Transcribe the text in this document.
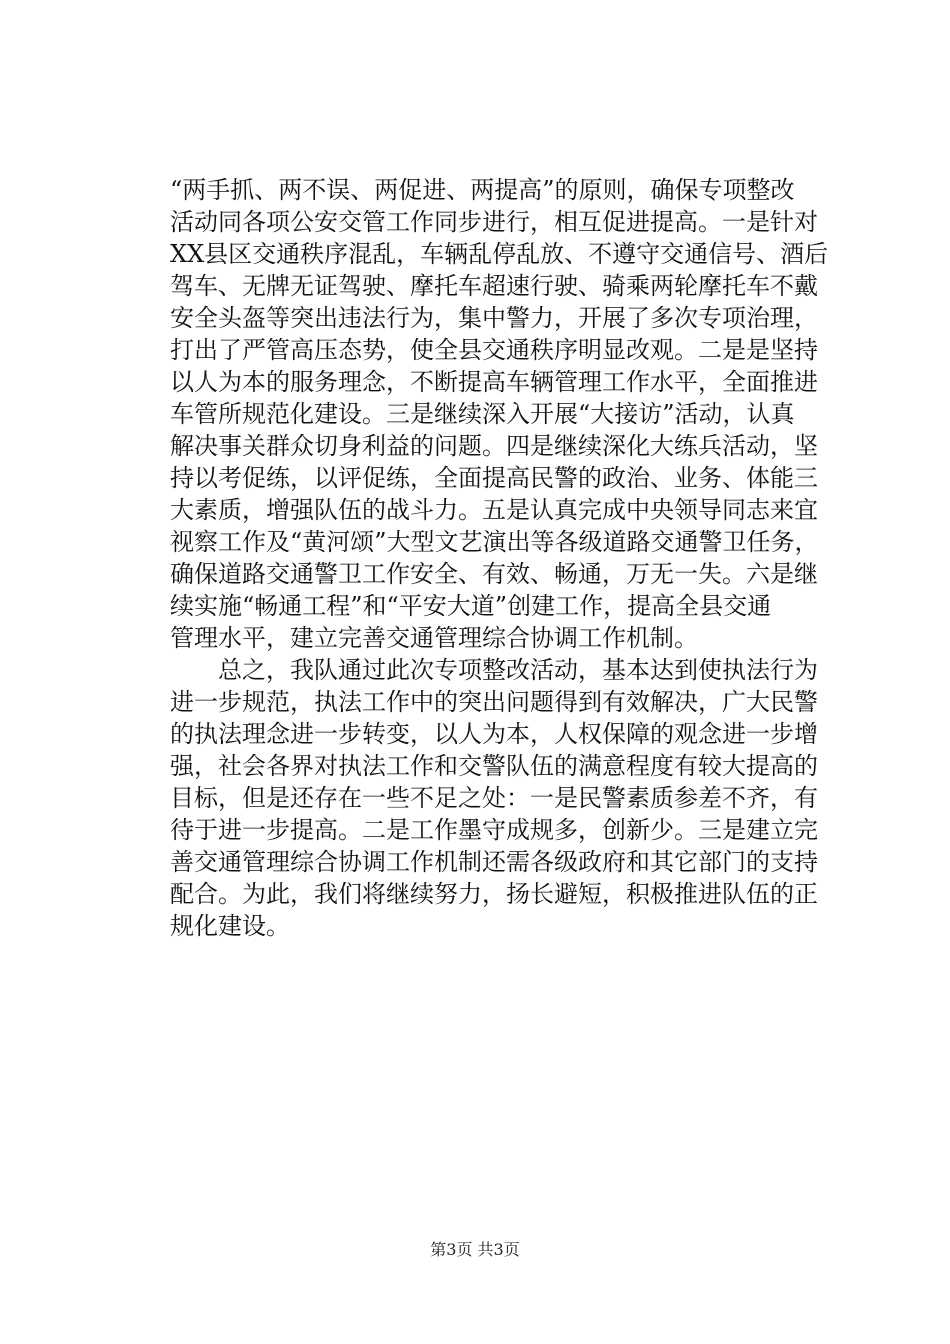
“两手抓、两不误、两促进、两提高”的原则，确保专项整改
活动同各项公安交管工作同步进行，相互促进提高。一是针对
XX县区交通秩序混乱，车辆乱停乱放、不遵守交通信号、酒后
驾车、无牌无证驾驶、摩托车超速行驶、骑乘两轮摩托车不戴
安全头盔等突出违法行为，集中警力，开展了多次专项治理，
打出了严管高压态势，使全县交通秩序明显改观。二是是坚持
以人为本的服务理念，不断提高车辆管理工作水平，全面推进
车管所规范化建设。三是继续深入开展“大接访”活动，认真
解决事关群众切身利益的问题。四是继续深化大练兵活动，坚
持以考促练，以评促练，全面提高民警的政治、业务、体能三
大素质，增强队伍的战斗力。五是认真完成中央领导同志来宜
视察工作及“黄河颂”大型文艺演出等各级道路交通警卫任务，
确保道路交通警卫工作安全、有效、畅通，万无一失。六是继
续实施“畅通工程”和“平安大道”创建工作，提高全县交通
管理水平，建立完善交通管理综合协调工作机制。
　　总之，我队通过此次专项整改活动，基本达到使执法行为
进一步规范，执法工作中的突出问题得到有效解决，广大民警
的执法理念进一步转变，以人为本，人权保障的观念进一步增
强，社会各界对执法工作和交警队伍的满意程度有较大提高的
目标，但是还存在一些不足之处：一是民警素质参差不齐，有
待于进一步提高。二是工作墨守成规多，创新少。三是建立完
善交通管理综合协调工作机制还需各级政府和其它部门的支持
配合。为此，我们将继续努力，扬长避短，积极推进队伍的正
规化建设。
第3页 共3页
